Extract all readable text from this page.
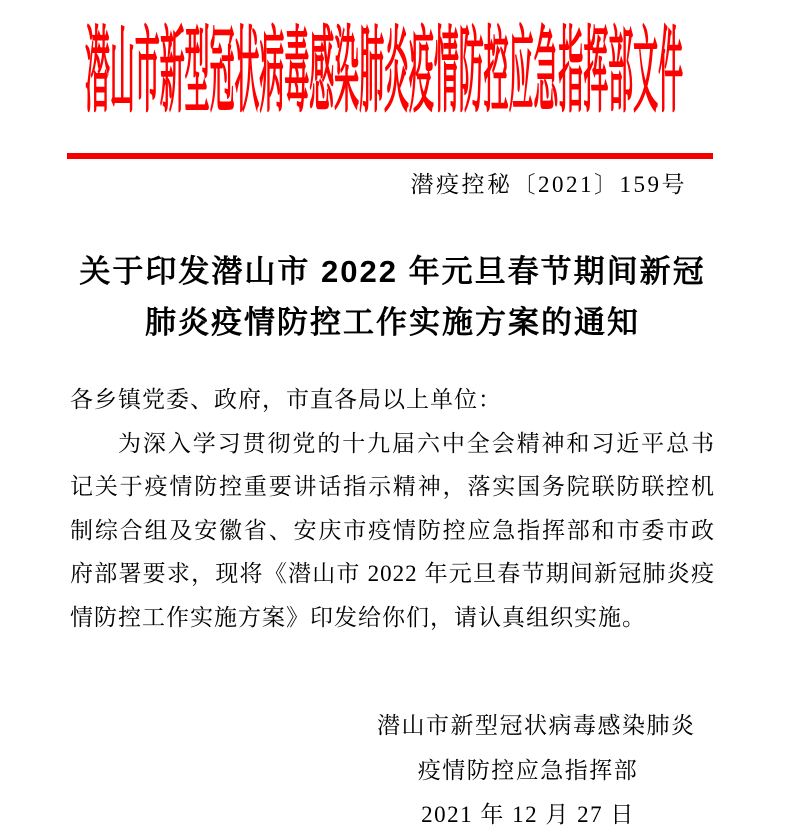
潜山市新型冠状病毒感染肺炎疫情防控应急指挥部文件
潜疫控秘〔2021〕159号
关于印发潜山市 2022 年元旦春节期间新冠
肺炎疫情防控工作实施方案的通知

各乡镇党委、政府，市直各局以上单位：

为深入学习贯彻党的十九届六中全会精神和习近平总书记关于疫情防控重要讲话指示精神，落实国务院联防联控机制综合组及安徽省、安庆市疫情防控应急指挥部和市委市政府部署要求，现将《潜山市 2022 年元旦春节期间新冠肺炎疫情防控工作实施方案》印发给你们，请认真组织实施。

潜山市新型冠状病毒感染肺炎
疫情防控应急指挥部
2021 年 12 月 27 日
